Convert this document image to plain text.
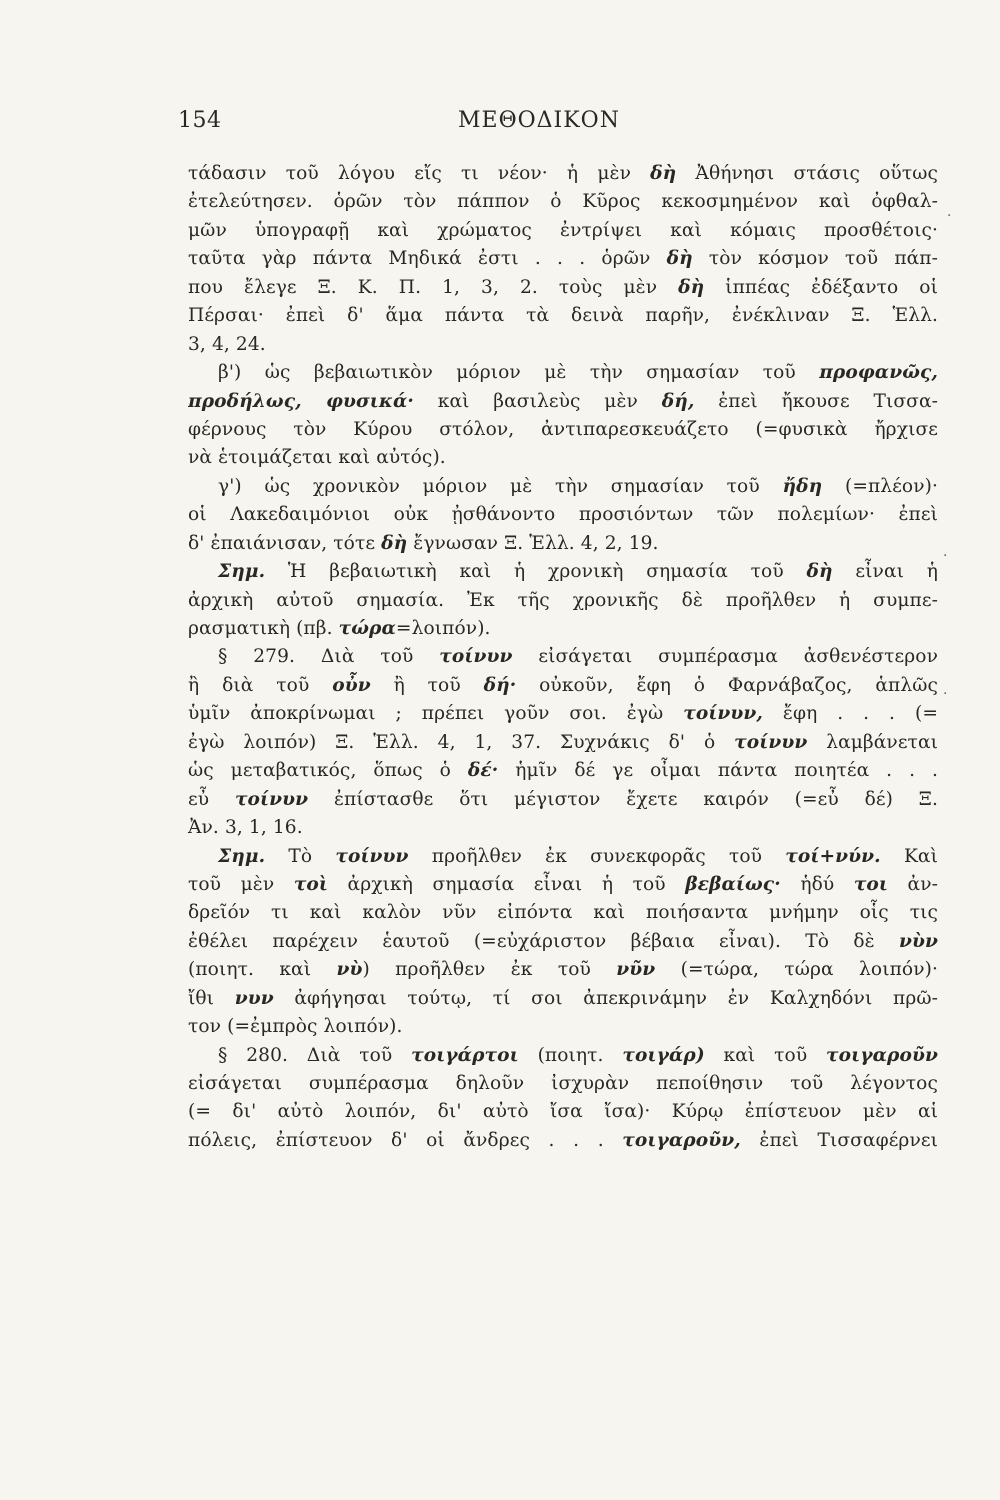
154	ΜΕΘΟΔΙΚΟΝ
·
·
·
τάδασιν τοῦ λόγου εἴς τι νέον· ἡ μὲν δὴ Ἀθήνησι στάσις οὕτως
ἐτελεύτησεν. ὁρῶν τὸν πάππον ὁ Κῦρος κεκοσμημένον καὶ ὀφθαλ-
μῶν ὑπογραφῇ καὶ χρώματος ἐντρίψει καὶ κόμαις προσθέτοις·
ταῦτα γὰρ πάντα Μηδικά ἐστι . . . ὁρῶν δὴ τὸν κόσμον τοῦ πάπ-
που ἔλεγε Ξ. Κ. Π. 1, 3, 2. τοὺς μὲν δὴ ἱππέας ἐδέξαντο οἱ
Πέρσαι· ἐπεὶ δ' ἅμα πάντα τὰ δεινὰ παρῆν, ἐνέκλιναν Ξ. Ἑλλ.
3, 4, 24.
β') ὡς βεβαιωτικὸν μόριον μὲ τὴν σημασίαν τοῦ προφανῶς,
προδήλως, φυσικά· καὶ βασιλεὺς μὲν δή, ἐπεὶ ἤκουσε Τισσα-
φέρνους τὸν Κύρου στόλον, ἀντιπαρεσκευάζετο (=φυσικὰ ἤρχισε
νὰ ἑτοιμάζεται καὶ αὐτός).
γ') ὡς χρονικὸν μόριον μὲ τὴν σημασίαν τοῦ ἤδη (=πλέον)·
οἱ Λακεδαιμόνιοι οὐκ ᾐσθάνοντο προσιόντων τῶν πολεμίων· ἐπεὶ
δ' ἐπαιάνισαν, τότε δὴ ἔγνωσαν Ξ. Ἑλλ. 4, 2, 19.
Σημ. Ἡ βεβαιωτικὴ καὶ ἡ χρονικὴ σημασία τοῦ δὴ εἶναι ἡ
ἀρχικὴ αὐτοῦ σημασία. Ἐκ τῆς χρονικῆς δὲ προῆλθεν ἡ συμπε-
ρασματικὴ (πβ. τώρα=λοιπόν).
§ 279. Διὰ τοῦ τοίνυν εἰσάγεται συμπέρασμα ἀσθενέστερον
ἢ διὰ τοῦ οὖν ἢ τοῦ δή· οὐκοῦν, ἔφη ὁ Φαρνάβαζος, ἁπλῶς
ὑμῖν ἀποκρίνωμαι ; πρέπει γοῦν σοι. ἐγὼ τοίνυν, ἔφη . . . (=
ἐγὼ λοιπόν) Ξ. Ἑλλ. 4, 1, 37. Συχνάκις δ' ὁ τοίνυν λαμβάνεται
ὡς μεταβατικός, ὅπως ὁ δέ· ἡμῖν δέ γε οἶμαι πάντα ποιητέα . . .
εὖ τοίνυν ἐπίστασθε ὅτι μέγιστον ἔχετε καιρόν (=εὖ δέ) Ξ.
Ἀν. 3, 1, 16.
Σημ. Τὸ τοίνυν προῆλθεν ἐκ συνεκφορᾶς τοῦ τοί+νύν. Καὶ
τοῦ μὲν τοὶ ἀρχικὴ σημασία εἶναι ἡ τοῦ βεβαίως· ἡδύ τοι ἀν-
δρεῖόν τι καὶ καλὸν νῦν εἰπόντα καὶ ποιήσαντα μνήμην οἷς τις
ἐθέλει παρέχειν ἑαυτοῦ (=εὐχάριστον βέβαια εἶναι). Τὸ δὲ νὺν
(ποιητ. καὶ νὺ) προῆλθεν ἐκ τοῦ νῦν (=τώρα, τώρα λοιπόν)·
ἴθι νυν ἀφήγησαι τούτῳ, τί σοι ἀπεκρινάμην ἐν Καλχηδόνι πρῶ-
τον (=ἐμπρὸς λοιπόν).
§ 280. Διὰ τοῦ τοιγάρτοι (ποιητ. τοιγάρ) καὶ τοῦ τοιγαροῦν
εἰσάγεται συμπέρασμα δηλοῦν ἰσχυρὰν πεποίθησιν τοῦ λέγοντος
(= δι' αὐτὸ λοιπόν, δι' αὐτὸ ἴσα ἴσα)· Κύρῳ ἐπίστευον μὲν αἱ
πόλεις, ἐπίστευον δ' οἱ ἄνδρες . . . τοιγαροῦν, ἐπεὶ Τισσαφέρνει
